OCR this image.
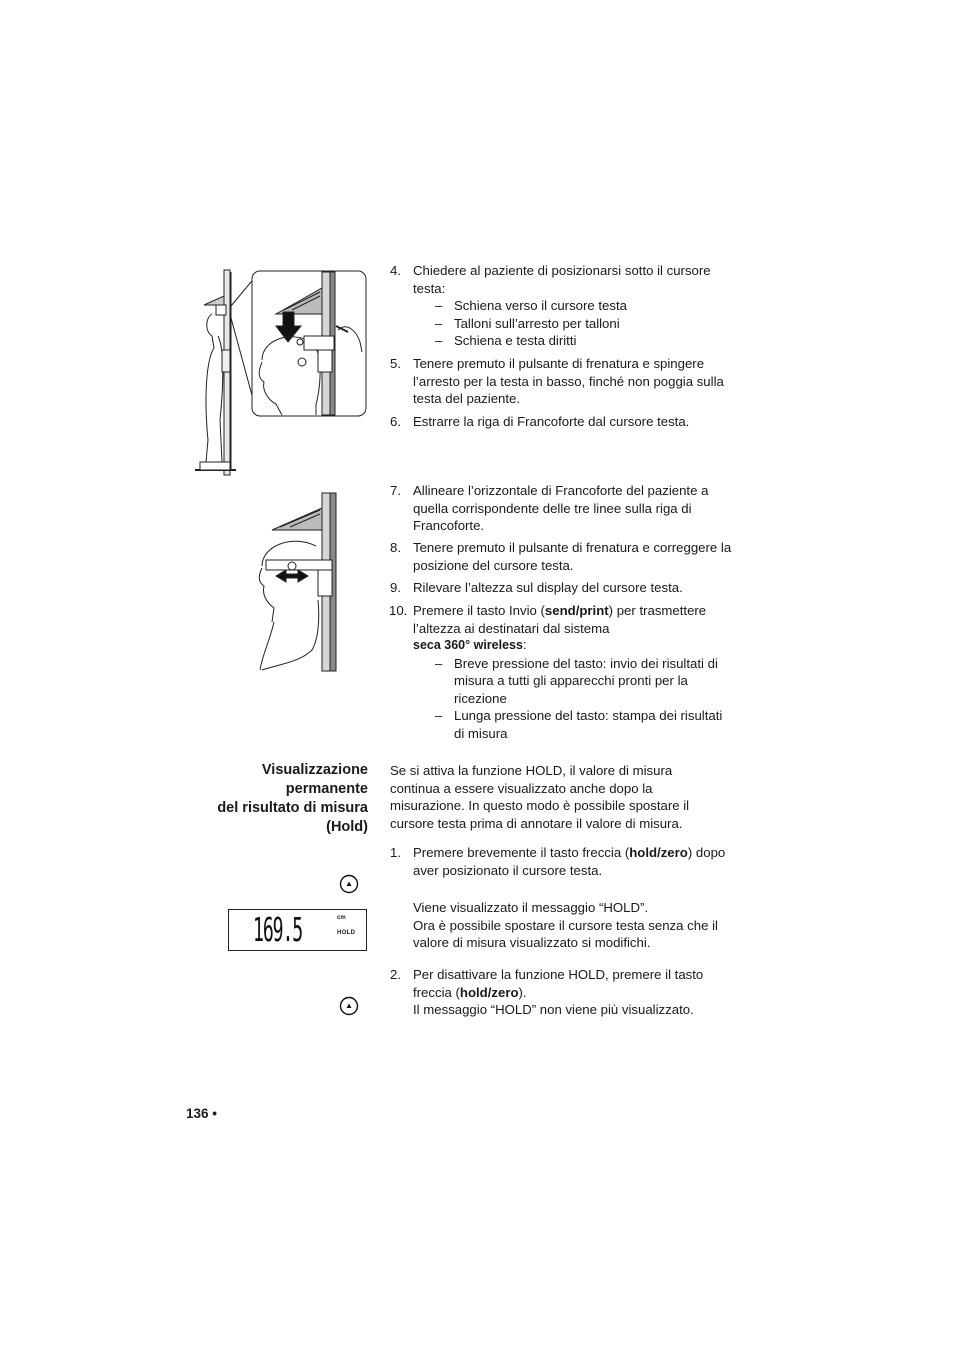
4. Chiedere al paziente di posizionarsi sotto il cursore testa:
– Schiena verso il cursore testa
– Talloni sull’arresto per talloni
– Schiena e testa diritti
5. Tenere premuto il pulsante di frenatura e spingere l’arresto per la testa in basso, finché non poggia sulla testa del paziente.
6. Estrarre la riga di Francoforte dal cursore testa.
7. Allineare l’orizzontale di Francoforte del paziente a quella corrispondente delle tre linee sulla riga di Francoforte.
8. Tenere premuto il pulsante di frenatura e correggere la posizione del cursore testa.
9. Rilevare l’altezza sul display del cursore testa.
10. Premere il tasto Invio (send/print) per trasmettere l’altezza ai destinatari dal sistema
seca 360° wireless:
– Breve pressione del tasto: invio dei risultati di misura a tutti gli apparecchi pronti per la ricezione
– Lunga pressione del tasto: stampa dei risultati di misura
Visualizzazione
permanente
del risultato di misura
(Hold)
Se si attiva la funzione HOLD, il valore di misura continua a essere visualizzato anche dopo la misurazione. In questo modo è possibile spostare il cursore testa prima di annotare il valore di misura.
1. Premere brevemente il tasto freccia (hold/zero) dopo aver posizionato il cursore testa.
Viene visualizzato il messaggio “HOLD”.
Ora è possibile spostare il cursore testa senza che il valore di misura visualizzato si modifichi.
2. Per disattivare la funzione HOLD, premere il tasto freccia (hold/zero).
Il messaggio “HOLD” non viene più visualizzato.
169.5	cm
HOLD
136 •
